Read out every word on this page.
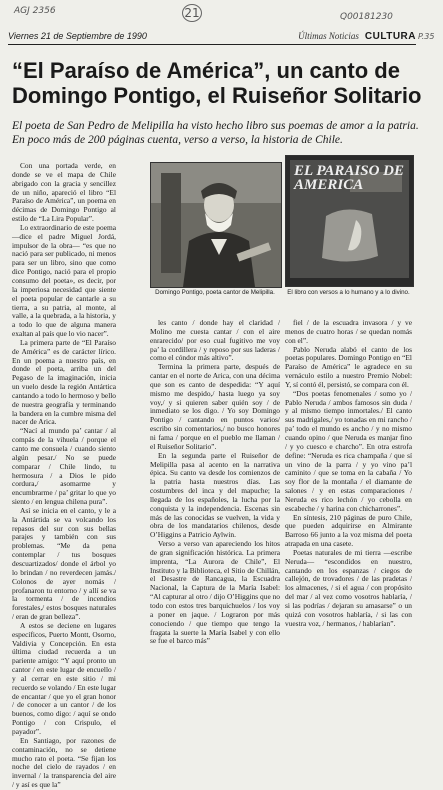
AGJ 2356	21	Q00181230
P.35
Viernes 21 de Septiembre de 1990	Últimas Noticias CULTURA
“El Paraíso de América”, un canto de Domingo Pontigo, el Ruiseñor Solitario
El poeta de San Pedro de Melipilla ha visto hecho libro sus poemas de amor a la patria. En poco más de 200 páginas cuenta, verso a verso, la historia de Chile.

Con una portada verde, en donde se ve el mapa de Chile abrigado con la gracia y sencillez de un niño, apareció el libro “El Paraíso de América”, un poema en décimas de Domingo Pontigo al estilo de “La Lira Popular”.

Lo extraordinario de este poema —dice el padre Miguel Jordá, impulsor de la obra— “es que no nació para ser publicado, ni menos para ser un libro, sino que como dice Pontigo, nació para el propio consumo del poeta», es decir, por la imperiosa necesidad que siente el poeta popular de cantarle a su tierra, a su patria, al monte, al valle, a la quebrada, a la historia, y a todo lo que de alguna manera exaltan al país que lo vio nacer”.

La primera parte de “El Paraíso de América” es de carácter lírico. En un poema a nuestro país, en donde el poeta, arriba un del Pegaso de la imaginación, inicia un vuelo desde la región Antártica cantando a todo lo hermoso y bello de nuestra geografía y terminando la bandera en la cumbre misma del nacer de Arica.

“Nací al mundo pa’ cantar / al compás de la vihuela / porque el canto me consuela / cuando siento algún pesar./ No se puede comparar / Chile lindo, tu hermosura / a Dios le pido cordura,/ asomarme y encumbrarme / pa’ gritar lo que yo siento / en lengua chilena pura”.

Así se inicia en el canto, y le a la Antártida se va volcando los repasos del sur con sus bellas parajes y también con sus problemas. “Me da pena contemplar / tus bosques descuartizados/ donde el árbol yo lo brindan / no reverdecen jamás./ Colonos de ayer nomás / profanaron tu entorno / y allí se va la tormenta / de incendios forestales,/ estos bosques naturales / eran de gran belleza”.

A estos se deciene en lugares específicos, Puerto Montt, Osorno, Valdivia y Concepción. En esta última ciudad recuerda a un pariente amigo: “Y aquí pronto un cantor / en este lugar de encuello / y al cerrar en este sitio / mi recuerdo se volando / En este lugar de encantar / que yo el gran honor / de conocer a un cantor / de los buenos, como digo: / aquí se ondo Pontigo / con Crispulo, el payador”.

En Santiago, por razones de contaminación, no se detiene mucho rato el poeta. “Se fijan los noche del cielo de rayados / en invernal / la transparencia del aire / y así es que la”

EL PARAISO DE AMERICA
Domingo Pontigo, poeta cantor de Melipilla.	El libro con versos a lo humano y a lo divino.

les canto / donde hay el claridad / Molino me cuesta cantar / con el aire enrarecido/ por eso cual fugitivo me voy pa’ la cordillera / y reposo por sus laderas / como el cóndor más altivo”.

Termina la primera parte, después de cantar en el norte de Arica, con una décima que son es canto de despedida: “Y aquí mismo me despido,/ hasta luego ya soy voy,/ y si quieren saber quién soy / de inmediato se los digo. / Yo soy Domingo Pontigo / cantando en puntos varios/ escribo sin comentarios,/ no busco honores ni fama / porque en el pueblo me llaman / el Ruiseñor Solitario”.

En la segunda parte el Ruiseñor de Melipilla pasa al acento en la narrativa épica. Su canto va desde los comienzos de la patria hasta nuestros días. Las costumbres del inca y del mapuche; la llegada de los españoles, la lucha por la conquista y la independencia. Escenas sin más de las conocidas se vuelven, la vida y obra de los mandatarios chilenos, desde O’Higgins a Patricio Aylwin.

Verso a verso van apareciendo los hitos de gran significación histórica. La primera imprenta, “La Aurora de Chile”, El Instituto y la Biblioteca, el Sitio de Chillán, el Desastre de Rancagua, la Escuadra Nacional, la Captura de la María Isabel: “Al capturar al otro / dijo O’Higgins que no todo con estos tres barquichuelos / los voy a poner en jaque. / Lograron por más conociendo / que tiempo que tengo la fragata la suerte la María Isabel y con ello se fue el barco más”

fiel / de la escuadra invasora / y ve menos de cuatro horas / se quedan nomás con el”.

Pablo Neruda alabó el canto de los poetas populares. Domingo Pontigo en “El Paraíso de América” le agradece en su vernáculo estilo a nuestro Premio Nobel: Y, sí contó él, persistó, se compara con él.

“Dos poetas fenomenales / somo yo / Pablo Neruda / ambos famosos sin duda / y al mismo tiempo inmortales./ El canto sus madrigales,/ yo tonadas en mi rancho / pa’ todo el mundo es ancho / y no mismo cuando opino / que Neruda es manjar fino / y yo cuesco e charcho”. En otra estrofa define: “Neruda es rica champaña / que sí un vino de la parra / y yo vino pa’l caminito / que se toma en la cabaña / Yo soy flor de la montaña / el diamante de salones / y en estas comparaciones / Neruda es rico lechón / yo cebolla en escabeche / y harina con chicharrones”.

En síntesis, 210 páginas de puro Chile, que pueden adquirirse en Almirante Barroso 66 junto a la voz misma del poeta atrapada en una casete.

Poetas naturales de mi tierra —escribe Neruda— “escondidos en nuestro, cantando en los espanzas / ciegos de callejón, de trovadores / de las pradetas / los almacenes, / si el agua / con propósito del mar / al vez como vosotros hablaría, / si las podrías / dejaran su amasarse” o un quizá con vosotros hablaría, / si las con vuestra voz, / hermanos, / hablarían”.
